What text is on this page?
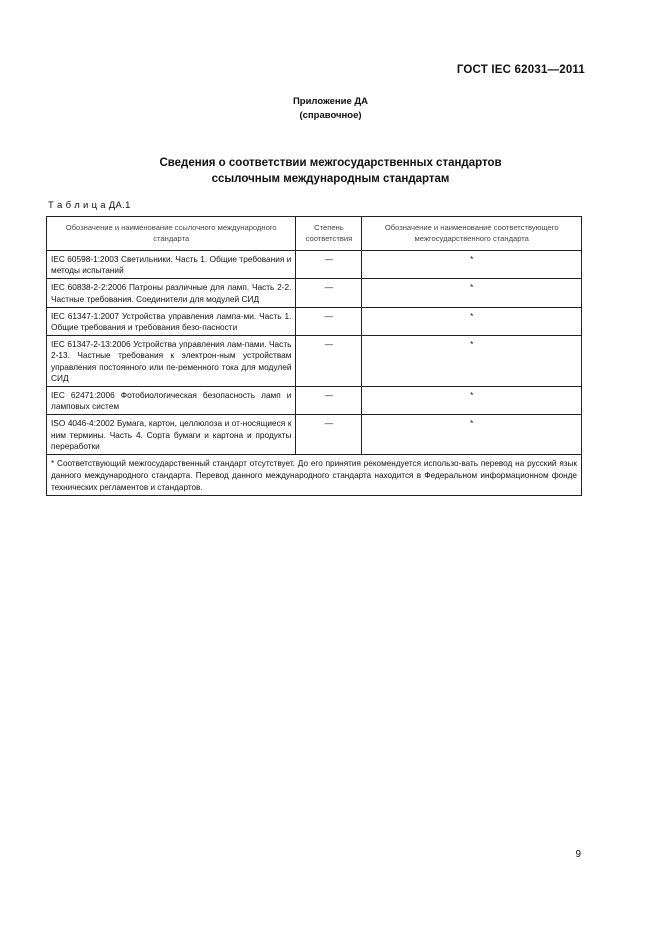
ГОСТ IEC 62031—2011
Приложение ДА
(справочное)
Сведения о соответствии межгосударственных стандартов
ссылочным международным стандартам
Т а б л и ц а ДА.1
Обозначение и наименование ссылочного международного стандарта	Степень соответствия	Обозначение и наименование соответствующего межгосударственного стандарта
IEC 60598-1:2003 Светильники. Часть 1. Общие требования и методы испытаний	—	*
IEC 60838-2-2:2006 Патроны различные для ламп. Часть 2-2. Частные требования. Соединители для модулей СИД	—	*
IEC 61347-1:2007 Устройства управления лампа-ми. Часть 1. Общие требования и требования безо-пасности	—	*
IEC 61347-2-13:2006 Устройства управления лам-пами. Часть 2-13. Частные требования к электрон-ным устройствам управления постоянного или пе-ременного тока для модулей СИД	—	*
IEC 62471:2006 Фотобиологическая безопасность ламп и ламповых систем	—	*
ISO 4046-4:2002 Бумага, картон, целлюлоза и от-носящиеся к ним термины. Часть 4. Сорта бумаги и картона и продукты переработки	—	*
* Соответствующий межгосударственный стандарт отсутствует. До его принятия рекомендуется использо-вать перевод на русский язык данного международного стандарта. Перевод данного международного стандарта находится в Федеральном информационном фонде технических регламентов и стандартов.		
9
